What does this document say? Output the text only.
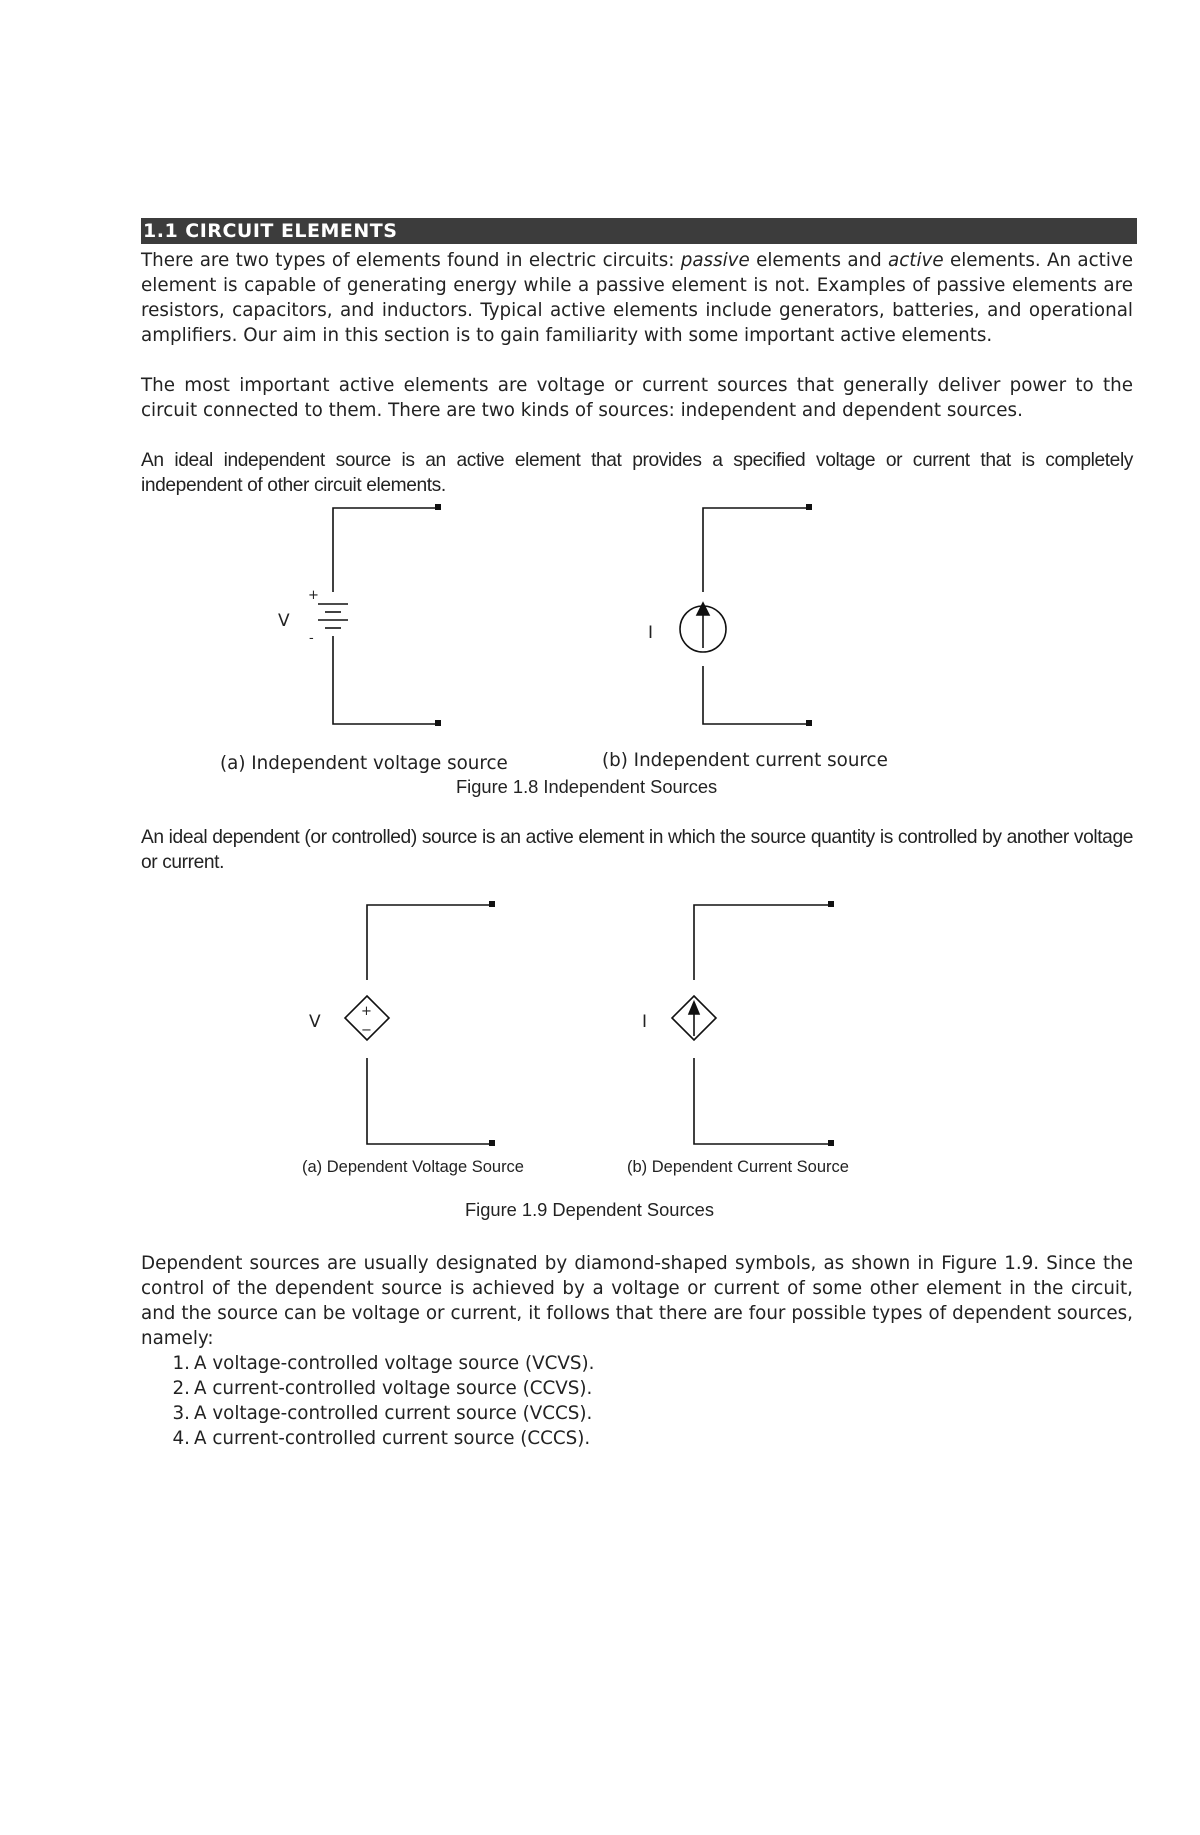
1.1 CIRCUIT ELEMENTS

There are two types of elements found in electric circuits: passive elements and active elements. An active element is capable of generating energy while a passive element is not. Examples of passive elements are resistors, capacitors, and inductors. Typical active elements include generators, batteries, and operational amplifiers. Our aim in this section is to gain familiarity with some important active elements.

The most important active elements are voltage or current sources that generally deliver power to the circuit connected to them. There are two kinds of sources: independent and dependent sources.

An ideal independent source is an active element that provides a specified voltage or current that is completely independent of other circuit elements.

V
+
-	I
V
+
−	I
(a) Independent voltage source	(b) Independent current source
Figure 1.8 Independent Sources

An ideal dependent (or controlled) source is an active element in which the source quantity is controlled by another voltage or current.

(a) Dependent Voltage Source	(b) Dependent Current Source
Figure 1.9 Dependent Sources

Dependent sources are usually designated by diamond-shaped symbols, as shown in Figure 1.9. Since the control of the dependent source is achieved by a voltage or current of some other element in the circuit, and the source can be voltage or current, it follows that there are four possible types of dependent sources, namely:

1. A voltage-controlled voltage source (VCVS).
2. A current-controlled voltage source (CCVS).
3. A voltage-controlled current source (VCCS).
4. A current-controlled current source (CCCS).
